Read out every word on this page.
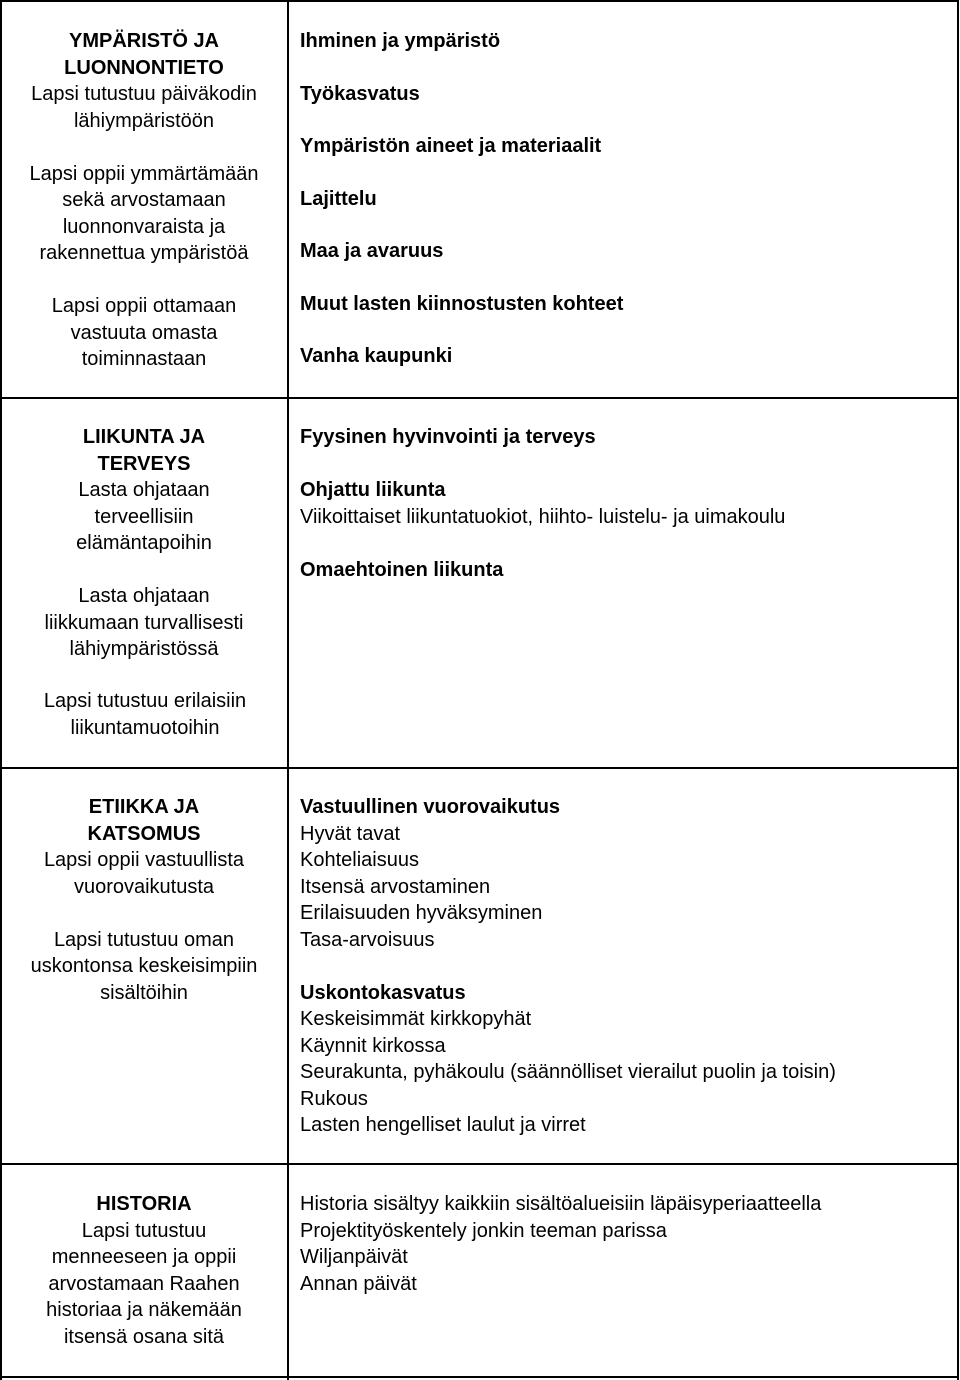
YMPÄRISTÖ JA
LUONNONTIETO
Lapsi tutustuu päiväkodin
lähiympäristöön
Lapsi oppii ymmärtämään
sekä arvostamaan
luonnonvaraista ja
rakennettua ympäristöä
Lapsi oppii ottamaan
vastuuta omasta
toiminnastaan
Ihminen ja ympäristö
Työkasvatus
Ympäristön aineet ja materiaalit
Lajittelu
Maa ja avaruus
Muut lasten kiinnostusten kohteet
Vanha kaupunki
LIIKUNTA JA
TERVEYS
Lasta ohjataan
terveellisiin
elämäntapoihin
Lasta ohjataan
liikkumaan turvallisesti
lähiympäristössä
Lapsi tutustuu erilaisiin
liikuntamuotoihin
Fyysinen hyvinvointi ja terveys
Ohjattu liikunta
Viikoittaiset liikuntatuokiot, hiihto- luistelu- ja uimakoulu
Omaehtoinen liikunta
ETIIKKA JA
KATSOMUS
Lapsi oppii vastuullista
vuorovaikutusta
Lapsi tutustuu oman
uskontonsa keskeisimpiin
sisältöihin
Vastuullinen vuorovaikutus
Hyvät tavat
Kohteliaisuus
Itsensä arvostaminen
Erilaisuuden hyväksyminen
Tasa-arvoisuus
Uskontokasvatus
Keskeisimmät kirkkopyhät
Käynnit kirkossa
Seurakunta, pyhäkoulu (säännölliset vierailut puolin ja toisin)
Rukous
Lasten hengelliset laulut ja virret
HISTORIA
Lapsi tutustuu
menneeseen ja oppii
arvostamaan Raahen
historiaa ja näkemään
itsensä osana sitä
Historia sisältyy kaikkiin sisältöalueisiin läpäisyperiaatteella
Projektityöskentely jonkin teeman parissa
Wiljanpäivät
Annan päivät
